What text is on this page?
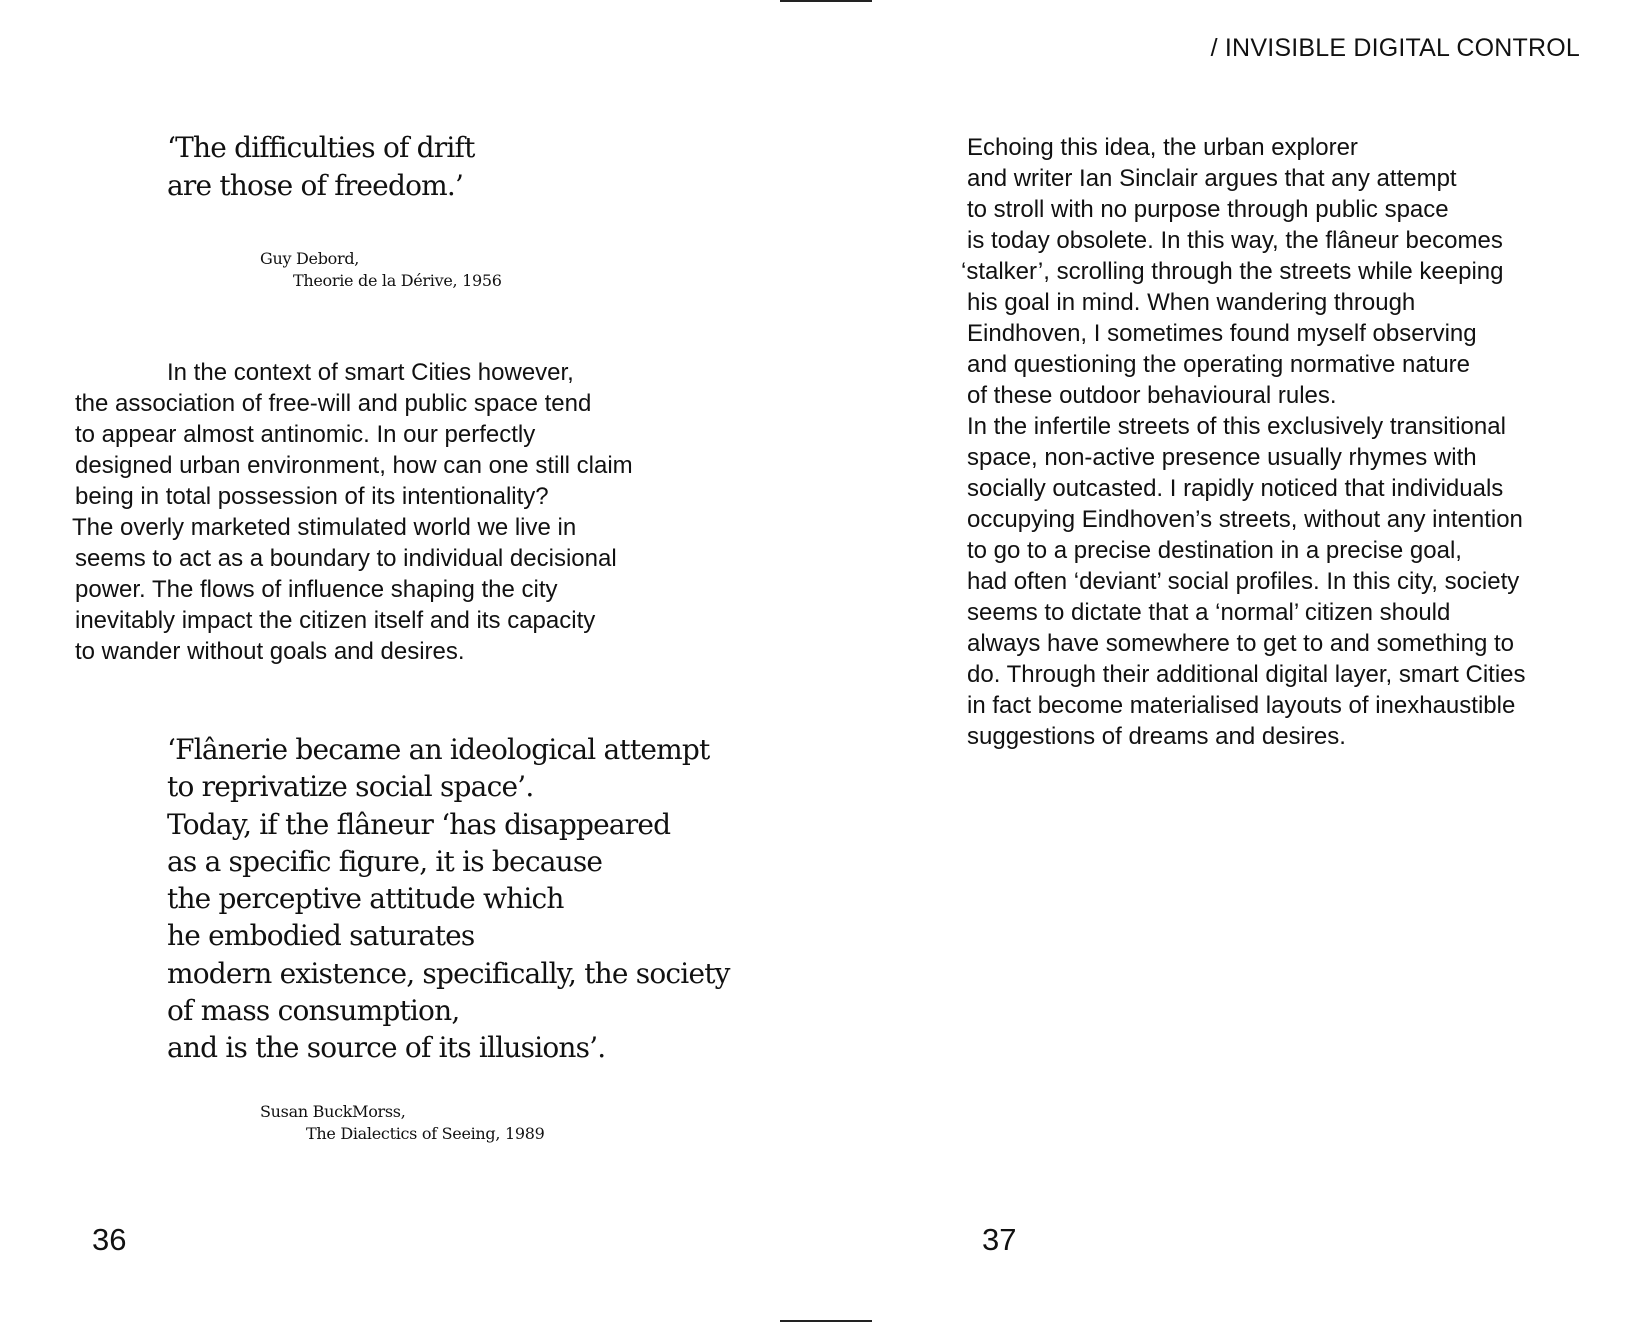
/ INVISIBLE DIGITAL CONTROL
‘The difficulties of drift
are those of freedom.’
Guy Debord,
Theorie de la Dérive, 1956
In the context of smart Cities however,
the association of free-will and public space tend
to appear almost antinomic. In our perfectly
designed urban environment, how can one still claim
being in total possession of its intentionality?
The overly marketed stimulated world we live in
seems to act as a boundary to individual decisional
power. The flows of influence shaping the city
inevitably impact the citizen itself and its capacity
to wander without goals and desires.
‘Flânerie became an ideological attempt
to reprivatize social space’.
Today, if the flâneur ‘has disappeared
as a specific figure, it is because
the perceptive attitude which
he embodied saturates
modern existence, specifically, the society
of mass consumption,
and is the source of its illusions’.
Susan BuckMorss,
The Dialectics of Seeing, 1989
36
Echoing this idea, the urban explorer
and writer Ian Sinclair argues that any attempt
to stroll with no purpose through public space
is today obsolete. In this way, the flâneur becomes
‘stalker’, scrolling through the streets while keeping
his goal in mind. When wandering through
Eindhoven, I sometimes found myself observing
and questioning the operating normative nature
of these outdoor behavioural rules.
In the infertile streets of this exclusively transitional
space, non-active presence usually rhymes with
socially outcasted. I rapidly noticed that individuals
occupying Eindhoven’s streets, without any intention
to go to a precise destination in a precise goal,
had often ‘deviant’ social profiles. In this city, society
seems to dictate that a ‘normal’ citizen should
always have somewhere to get to and something to
do. Through their additional digital layer, smart Cities
in fact become materialised layouts of inexhaustible
suggestions of dreams and desires.
37
